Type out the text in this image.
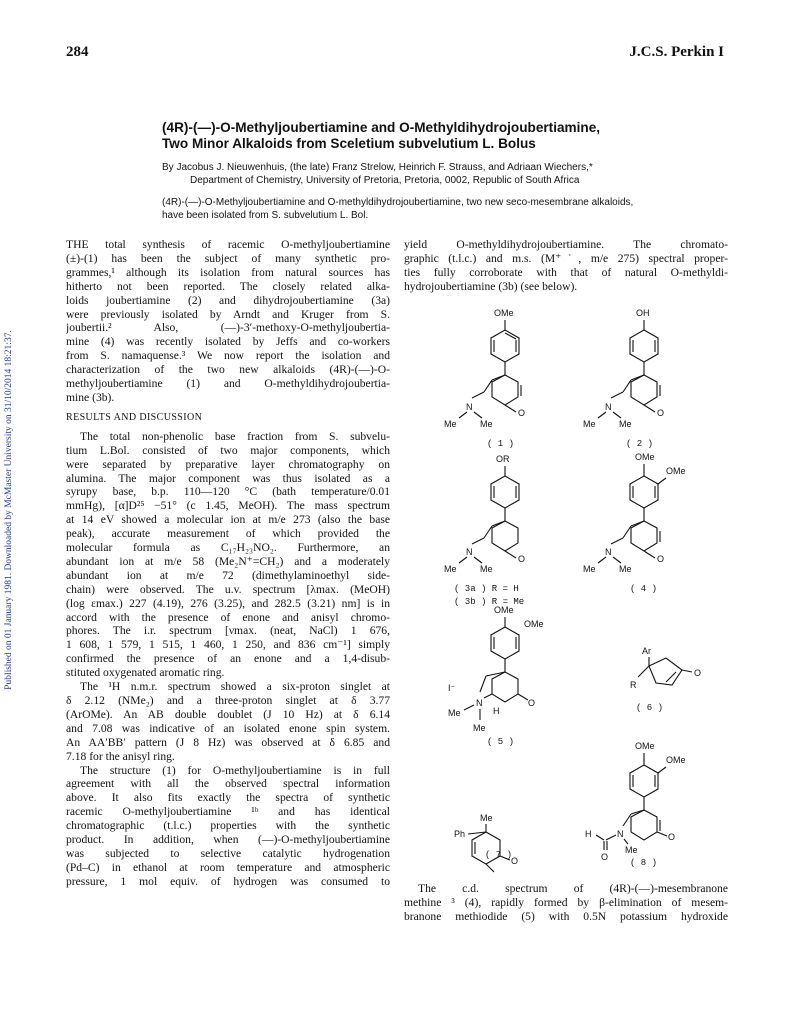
Published on 01 January 1981. Downloaded by McMaster University on 31/10/2014 18:21:37.
284	J.C.S. Perkin I
(4R)-(—)-O-Methyljoubertiamine and O-Methyldihydrojoubertiamine,
Two Minor Alkaloids from Sceletium subvelutium L. Bolus
By Jacobus J. Nieuwenhuis, (the late) Franz Strelow, Heinrich F. Strauss, and Adriaan Wiechers,*
Department of Chemistry, University of Pretoria, Pretoria, 0002, Republic of South Africa
(4R)-(—)-O-Methyljoubertiamine and O-methyldihydrojoubertiamine, two new seco-mesembrane alkaloids,
have been isolated from S. subvelutium L. Bol.
THE total synthesis of racemic O-methyljoubertiamine
(±)-(1) has been the subject of many synthetic pro-
grammes,¹ although its isolation from natural sources has
hitherto not been reported. The closely related alka-
loids joubertiamine (2) and dihydrojoubertiamine (3a)
were previously isolated by Arndt and Kruger from S.
joubertii.² Also, (—)-3′-methoxy-O-methyljoubertia-
mine (4) was recently isolated by Jeffs and co-workers
from S. namaquense.³ We now report the isolation and
characterization of the two new alkaloids (4R)-(—)-O-
methyljoubertiamine (1) and O-methyldihydrojoubertia-
mine (3b).
RESULTS AND DISCUSSION
The total non-phenolic base fraction from S. subvelu-
tium L.Bol. consisted of two major components, which
were separated by preparative layer chromatography on
alumina. The major component was thus isolated as a
syrupy base, b.p. 110—120 °C (bath temperature/0.01
mmHg), [α]D²⁵ −51° (c 1.45, MeOH). The mass spectrum
at 14 eV showed a molecular ion at m/e 273 (also the base
peak), accurate measurement of which provided the
molecular formula as C₁₇H₂₃NO₂. Furthermore, an
abundant ion at m/e 58 (Me₂N⁺=CH₂) and a moderately
abundant ion at m/e 72 (dimethylaminoethyl side-
chain) were observed. The u.v. spectrum [λmax. (MeOH)
(log εmax.) 227 (4.19), 276 (3.25), and 282.5 (3.21) nm] is in
accord with the presence of enone and anisyl chromo-
phores. The i.r. spectrum [νmax. (neat, NaCl) 1 676,
1 608, 1 579, 1 515, 1 460, 1 250, and 836 cm⁻¹] simply
confirmed the presence of an enone and a 1,4-disub-
stituted oxygenated aromatic ring.
The ¹H n.m.r. spectrum showed a six-proton singlet at
δ 2.12 (NMe₂) and a three-proton singlet at δ 3.77
(ArOMe). An AB double doublet (J 10 Hz) at δ 6.14
and 7.08 was indicative of an isolated enone spin system.
An AA′BB′ pattern (J 8 Hz) was observed at δ 6.85 and
7.18 for the anisyl ring.
The structure (1) for O-methyljoubertiamine is in full
agreement with all the observed spectral information
above. It also fits exactly the spectra of synthetic
racemic O-methyljoubertiamine ¹ᵇ and has identical
chromatographic (t.l.c.) properties with the synthetic
product. In addition, when (—)-O-methyljoubertiamine
was subjected to selective catalytic hydrogenation
(Pd–C) in ethanol at room temperature and atmospheric
pressure, 1 mol equiv. of hydrogen was consumed to
yield O-methyldihydrojoubertiamine. The chromato-
graphic (t.l.c.) and m.s. (M⁺˙, m/e 275) spectral proper-
ties fully corroborate with that of natural O-methyldi-
hydrojoubertiamine (3b) (see below).
OMe
O
N
Me	Me
( 1 )
OH
O
N
Me	Me
( 2 )
OR
O
N
Me	Me
( 3a ) R = H
( 3b ) R = Me
OMe
OMe
O
N
Me	Me
( 4 )
OMe
OMe
O
N
I⁻
Me
Me
H
( 5 )
Ar
O
R
( 6 )
Me
Ph
O
OMe
OMe
O
N
Me
O
H
( 8 )
( 7 )
The c.d. spectrum of (4R)-(—)-mesembranone
methine ³ (4), rapidly formed by β-elimination of mesem-
branone methiodide (5) with 0.5N potassium hydroxide
